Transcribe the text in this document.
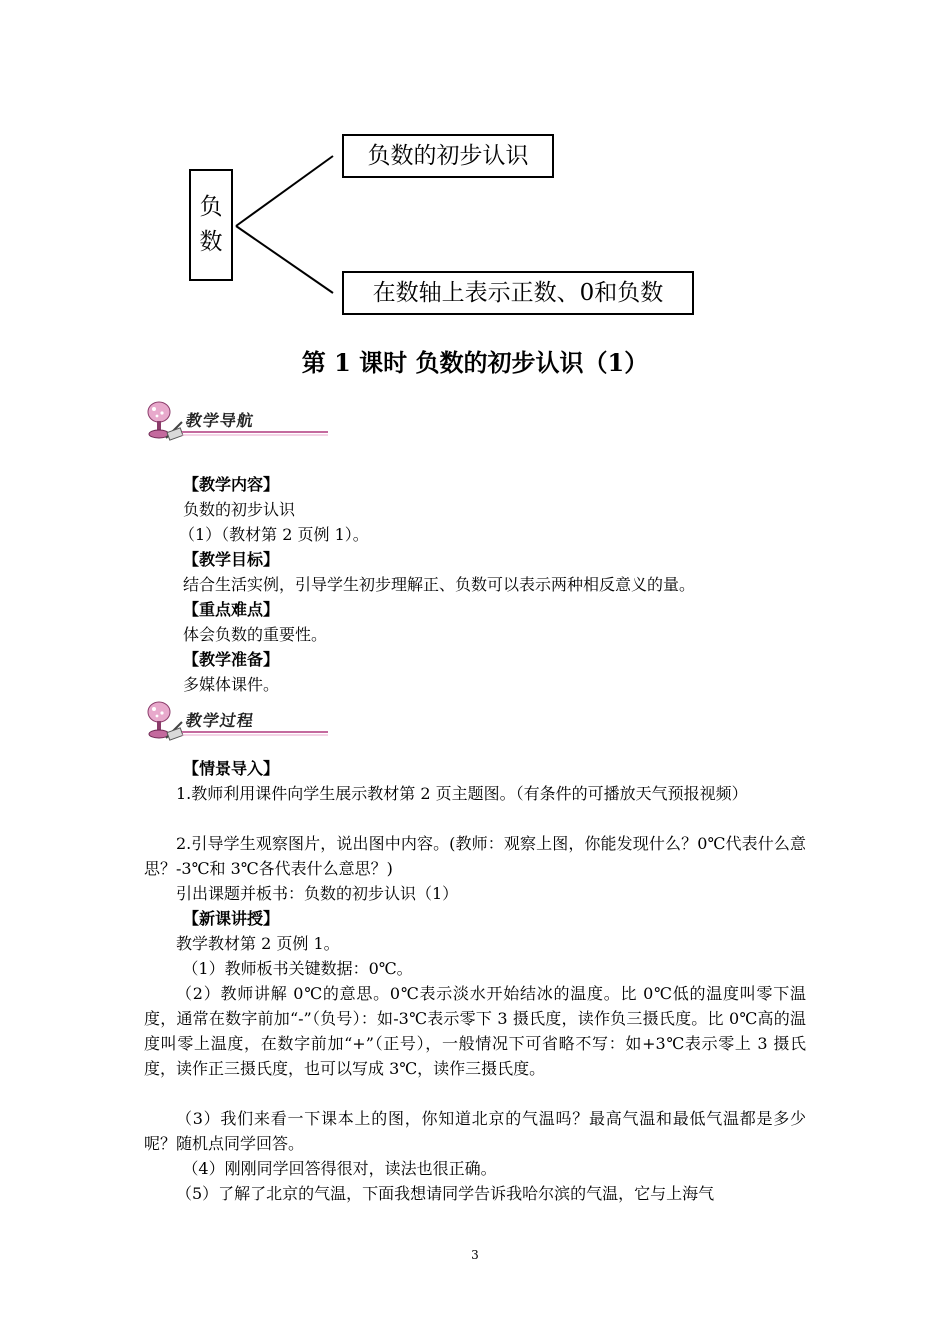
负
数
负数的初步认识
在数轴上表示正数、0和负数
第 1 课时 负数的初步认识（1）
教学导航
【教学内容】
负数的初步认识
（1）（教材第 2 页例 1）。
【教学目标】
结合生活实例，引导学生初步理解正、负数可以表示两种相反意义的量。
【重点难点】
体会负数的重要性。
【教学准备】
多媒体课件。
教学过程
【情景导入】
1.教师利用课件向学生展示教材第 2 页主题图。（有条件的可播放天气预报视频）
2.引导学生观察图片，说出图中内容。(教师：观察上图，你能发现什么？0℃代表什么意思？-3℃和 3℃各代表什么意思？)
引出课题并板书：负数的初步认识（1）
【新课讲授】
教学教材第 2 页例 1。
（1）教师板书关键数据：0℃。
（2）教师讲解 0℃的意思。0℃表示淡水开始结冰的温度。比 0℃低的温度叫零下温度，通常在数字前加“-”（负号）：如-3℃表示零下 3 摄氏度，读作负三摄氏度。比 0℃高的温度叫零上温度，在数字前加“+”（正号），一般情况下可省略不写：如+3℃表示零上 3 摄氏度，读作正三摄氏度，也可以写成 3℃，读作三摄氏度。
（3）我们来看一下课本上的图，你知道北京的气温吗？最高气温和最低气温都是多少呢？随机点同学回答。
（4）刚刚同学回答得很对，读法也很正确。
（5）了解了北京的气温，下面我想请同学告诉我哈尔滨的气温，它与上海气
3
